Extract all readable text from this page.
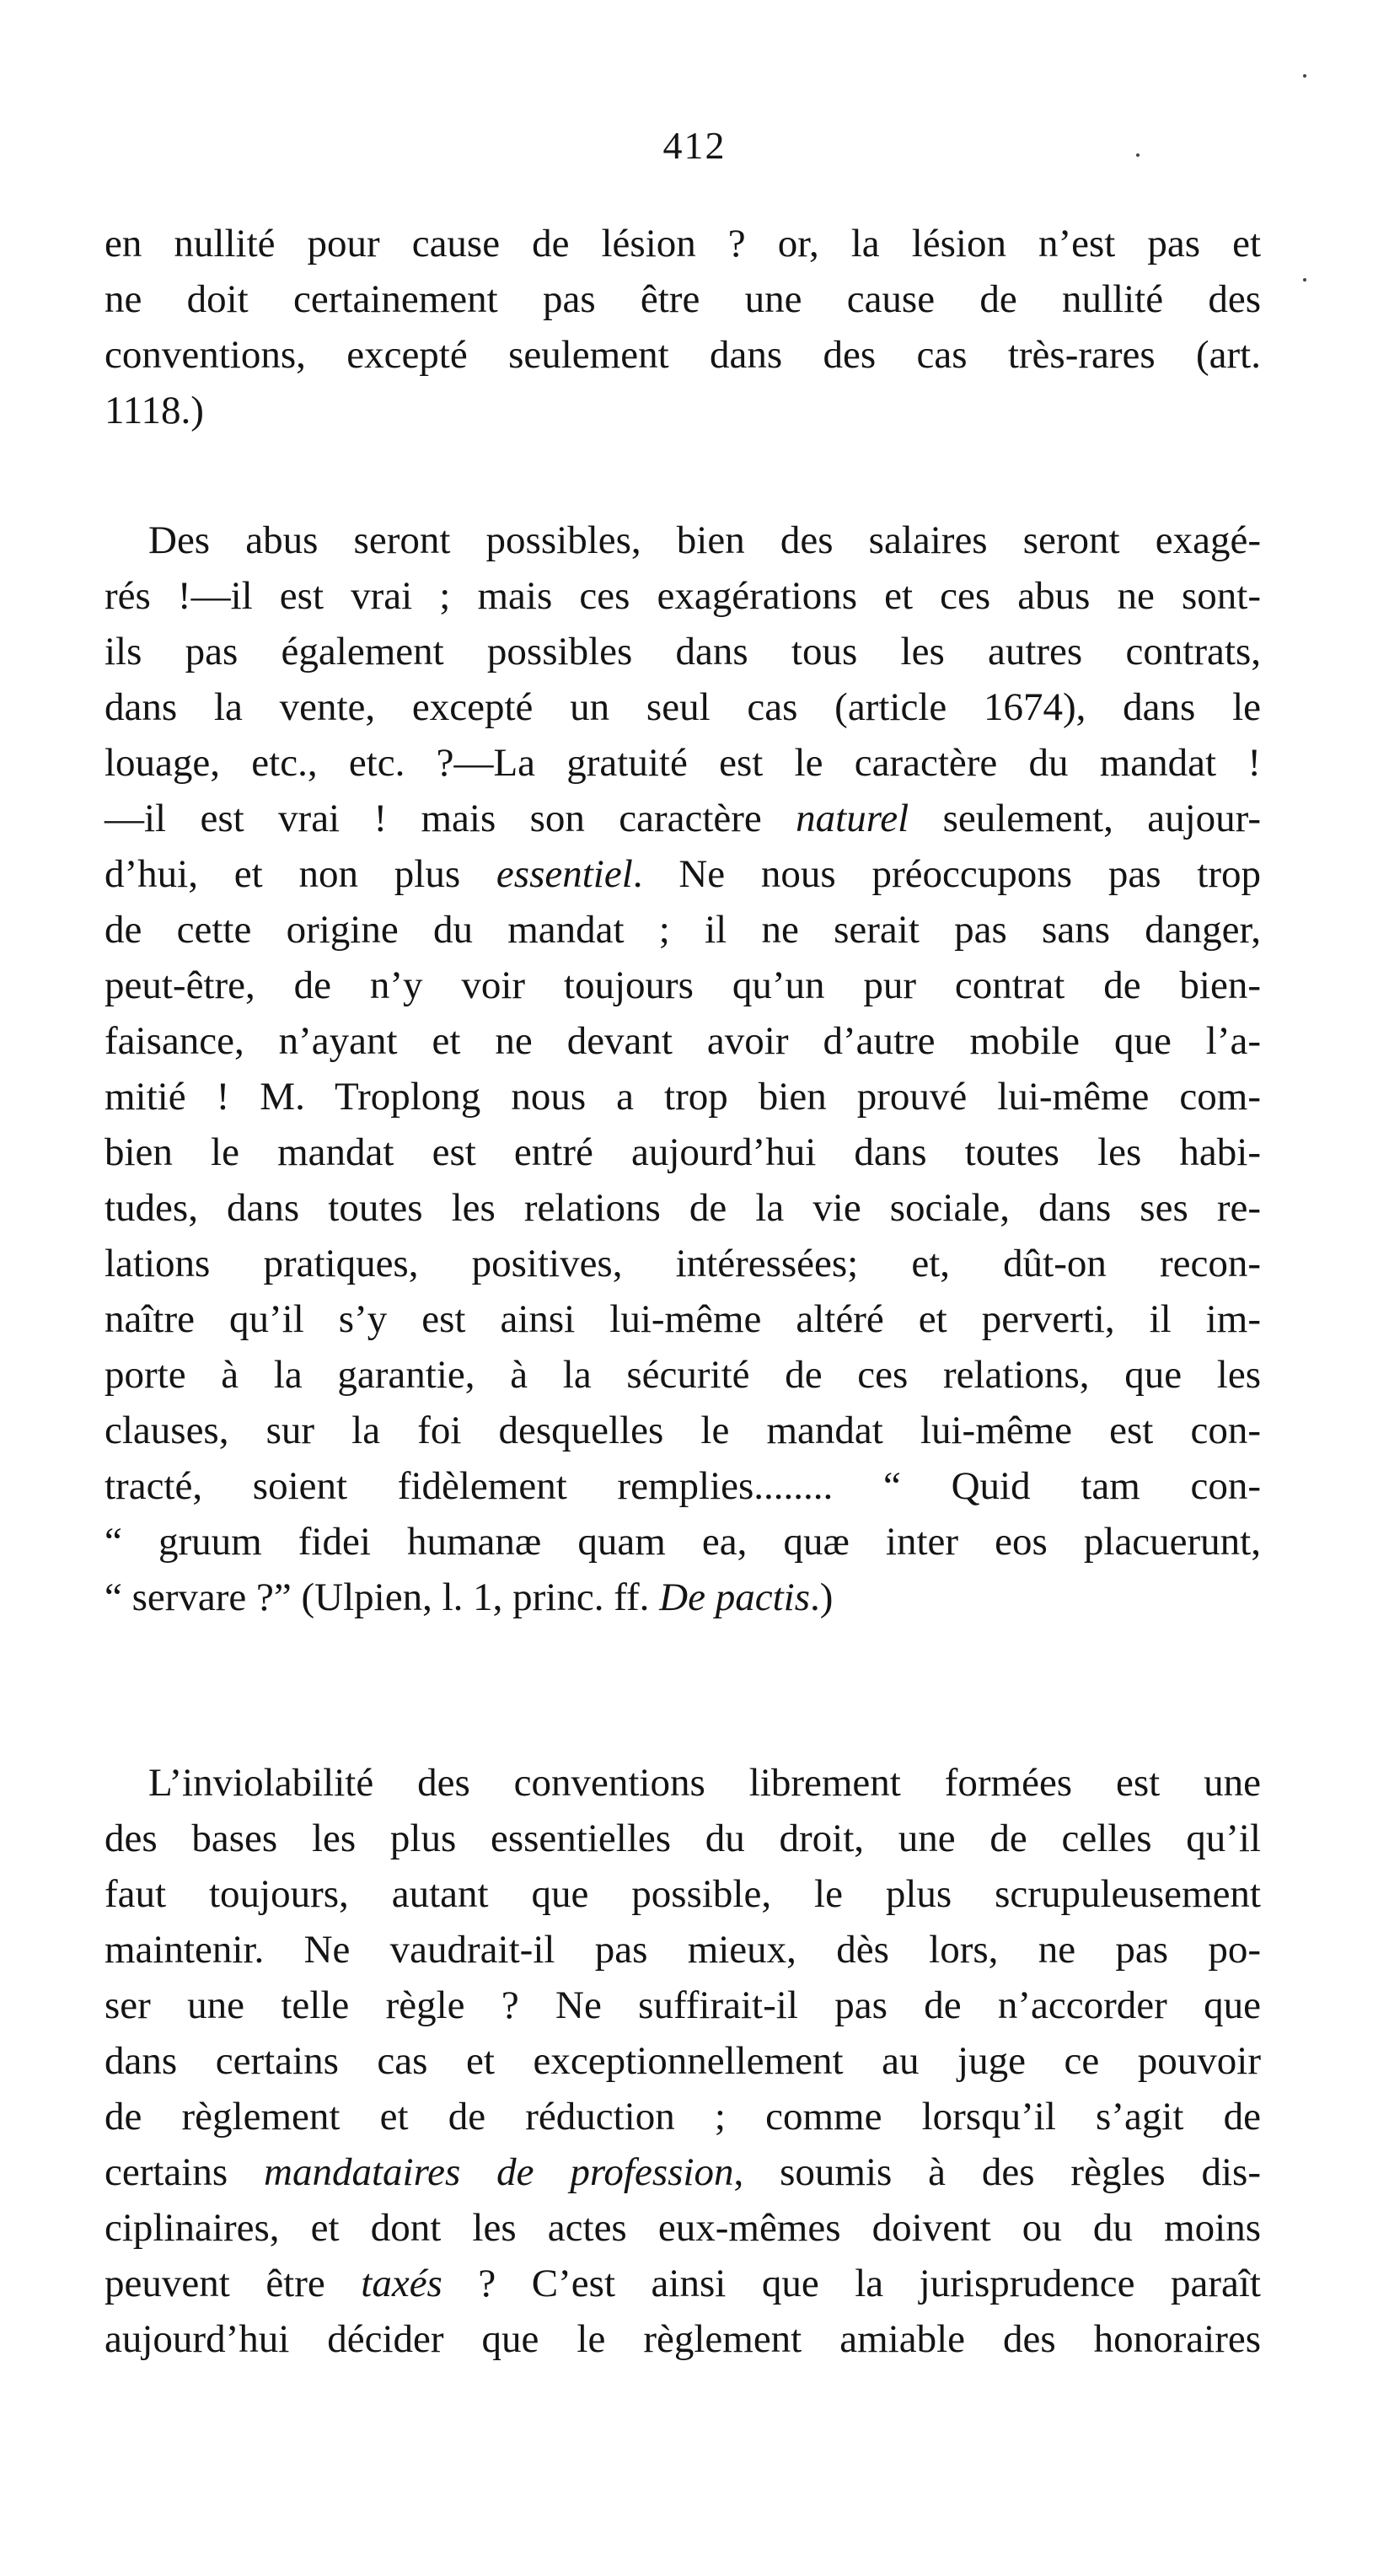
412
en nullité pour cause de lésion ? or, la lésion n’est pas et
ne doit certainement pas être une cause de nullité des
conventions, excepté seulement dans des cas très-rares (art.
1118.)
Des abus seront possibles, bien des salaires seront exagé-
rés !—il est vrai ; mais ces exagérations et ces abus ne sont-
ils pas également possibles dans tous les autres contrats,
dans la vente, excepté un seul cas (article 1674), dans le
louage, etc., etc. ?—La gratuité est le caractère du mandat !
—il est vrai ! mais son caractère naturel seulement, aujour-
d’hui, et non plus essentiel. Ne nous préoccupons pas trop
de cette origine du mandat ; il ne serait pas sans danger,
peut-être, de n’y voir toujours qu’un pur contrat de bien-
faisance, n’ayant et ne devant avoir d’autre mobile que l’a-
mitié ! M. Troplong nous a trop bien prouvé lui-même com-
bien le mandat est entré aujourd’hui dans toutes les habi-
tudes, dans toutes les relations de la vie sociale, dans ses re-
lations pratiques, positives, intéressées; et, dût-on recon-
naître qu’il s’y est ainsi lui-même altéré et perverti, il im-
porte à la garantie, à la sécurité de ces relations, que les
clauses, sur la foi desquelles le mandat lui-même est con-
tracté, soient fidèlement remplies........ “ Quid tam con-
“ gruum fidei humanæ quam ea, quæ inter eos placuerunt,
“ servare ?” (Ulpien, l. 1, princ. ff. De pactis.)
L’inviolabilité des conventions librement formées est une
des bases les plus essentielles du droit, une de celles qu’il
faut toujours, autant que possible, le plus scrupuleusement
maintenir. Ne vaudrait-il pas mieux, dès lors, ne pas po-
ser une telle règle ? Ne suffirait-il pas de n’accorder que
dans certains cas et exceptionnellement au juge ce pouvoir
de règlement et de réduction ; comme lorsqu’il s’agit de
certains mandataires de profession, soumis à des règles dis-
ciplinaires, et dont les actes eux-mêmes doivent ou du moins
peuvent être taxés ? C’est ainsi que la jurisprudence paraît
aujourd’hui décider que le règlement amiable des honoraires
